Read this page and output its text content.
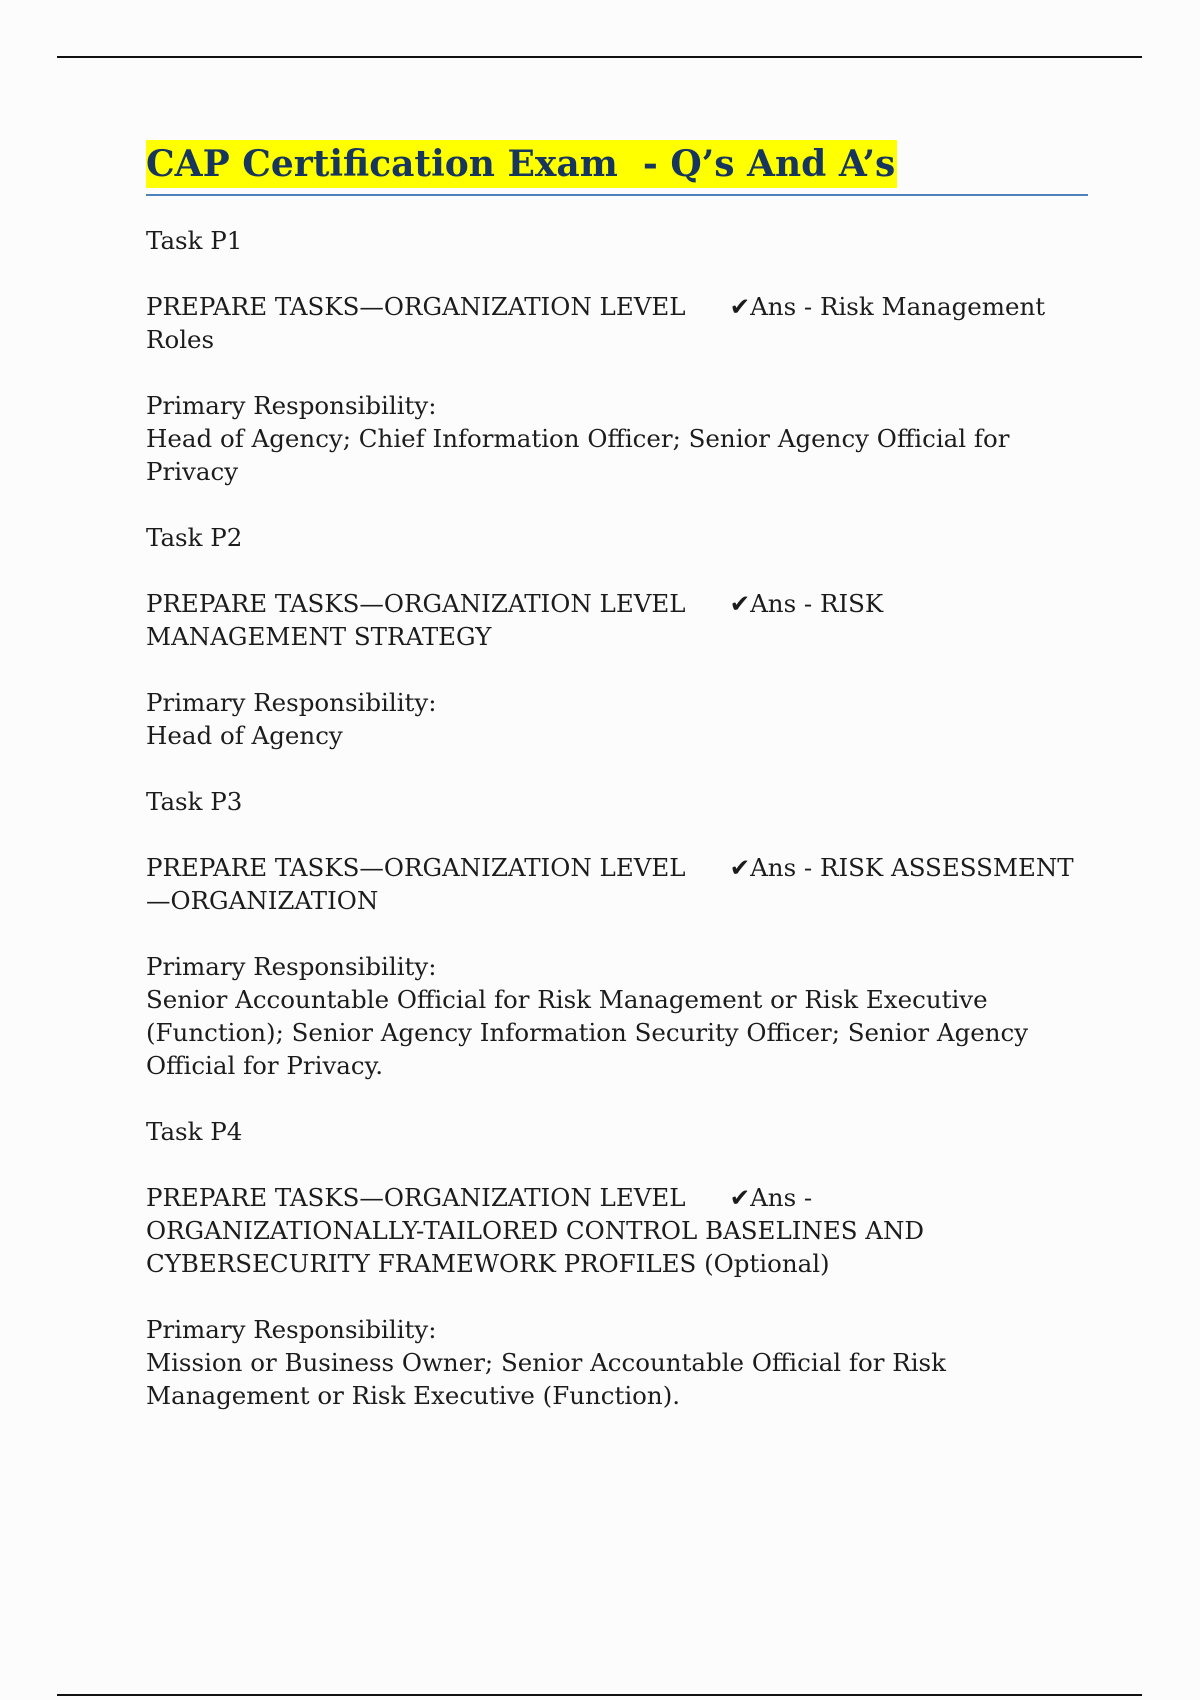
CAP Certification Exam  - Q’s And A’s

Task P1

PREPARE TASKS—ORGANIZATION LEVEL ✔Ans - Risk Management Roles

Primary Responsibility:
Head of Agency; Chief Information Officer; Senior Agency Official for Privacy

Task P2

PREPARE TASKS—ORGANIZATION LEVEL ✔Ans - RISK MANAGEMENT STRATEGY

Primary Responsibility:
Head of Agency

Task P3

PREPARE TASKS—ORGANIZATION LEVEL ✔Ans - RISK ASSESSMENT—ORGANIZATION

Primary Responsibility:
Senior Accountable Official for Risk Management or Risk Executive (Function); Senior Agency Information Security Officer; Senior Agency Official for Privacy.

Task P4

PREPARE TASKS—ORGANIZATION LEVEL ✔Ans - ORGANIZATIONALLY-TAILORED CONTROL BASELINES AND CYBERSECURITY FRAMEWORK PROFILES (Optional)

Primary Responsibility:
Mission or Business Owner; Senior Accountable Official for Risk Management or Risk Executive (Function).
